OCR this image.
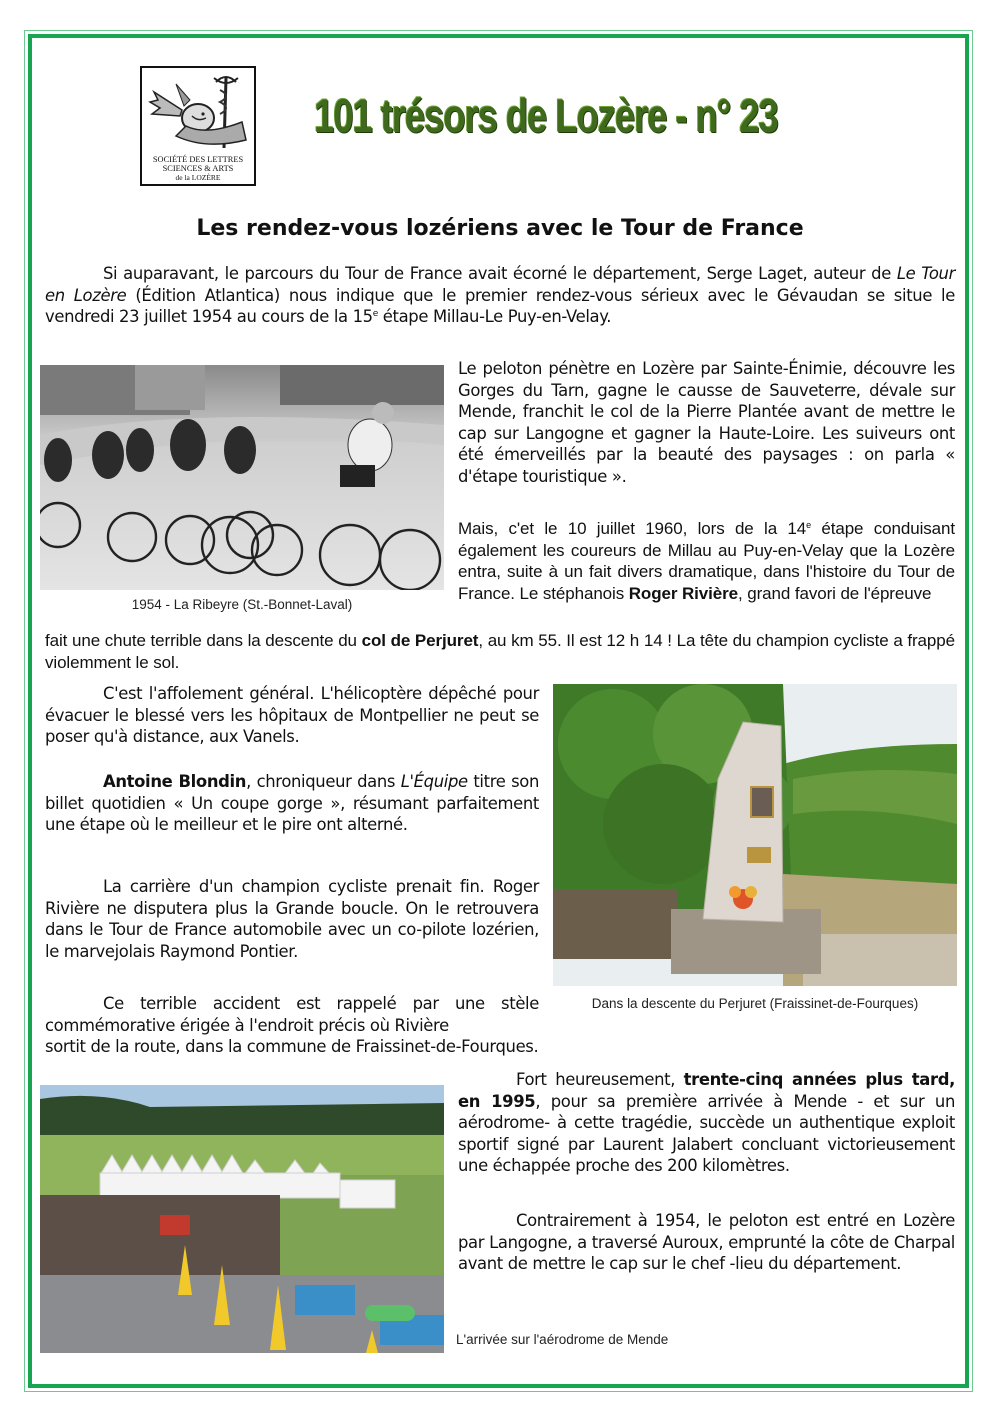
SOCIÉTÉ DES LETTRES
SCIENCES & ARTS
de la LOZÈRE
101 trésors de Lozère - n° 23
Les rendez-vous lozériens avec le Tour de France
Si auparavant, le parcours du Tour de France avait écorné le département, Serge Laget, auteur de Le Tour en Lozère (Édition Atlantica) nous indique que le premier rendez-vous sérieux avec le Gévaudan se situe le vendredi 23 juillet 1954 au cours de la 15e étape Millau-Le Puy-en-Velay.
1954 - La Ribeyre (St.-Bonnet-Laval)
Le peloton pénètre en Lozère par Sainte-Énimie, découvre les Gorges du Tarn, gagne le causse de Sauveterre, dévale sur Mende, franchit le col de la Pierre Plantée avant de mettre le cap sur Langogne et gagner la Haute-Loire. Les suiveurs ont été émerveillés par la beauté des paysages : on parla « d'étape touristique ».
Mais, c'et le 10 juillet 1960, lors de la 14e étape conduisant également les coureurs de Millau au Puy-en-Velay que la Lozère entra, suite à un fait divers dramatique, dans l'histoire du Tour de France. Le stéphanois Roger Rivière, grand favori de l'épreuve
fait une chute terrible dans la descente du col de Perjuret, au km 55. Il est 12 h 14 ! La tête du champion cycliste a frappé violemment le sol.
C'est l'affolement général. L'hélicoptère dépêché pour évacuer le blessé vers les hôpitaux de Montpellier ne peut se poser qu'à distance, aux Vanels.
Antoine Blondin, chroniqueur dans L'Équipe titre son billet quotidien « Un coupe gorge », résumant parfaitement une étape où le meilleur et le pire ont alterné.
La carrière d'un champion cycliste prenait fin. Roger Rivière ne disputera plus la Grande boucle. On le retrouvera dans le Tour de France automobile avec un co-pilote lozérien, le marvejolais Raymond Pontier.
Ce terrible accident est rappelé par une stèle commémorative érigée à l'endroit précis où Rivière
sortit de la route, dans la commune de Fraissinet-de-Fourques.
Dans la descente du Perjuret (Fraissinet-de-Fourques)
Fort heureusement, trente-cinq années plus tard, en 1995, pour sa première arrivée à Mende - et sur un aérodrome- à cette tragédie, succède un authentique exploit sportif signé par Laurent Jalabert concluant victorieusement une échappée proche des 200 kilomètres.
Contrairement à 1954, le peloton est entré en Lozère par Langogne, a traversé Auroux, emprunté la côte de Charpal avant de mettre le cap sur le chef -lieu du département.
L'arrivée sur l'aérodrome de Mende
